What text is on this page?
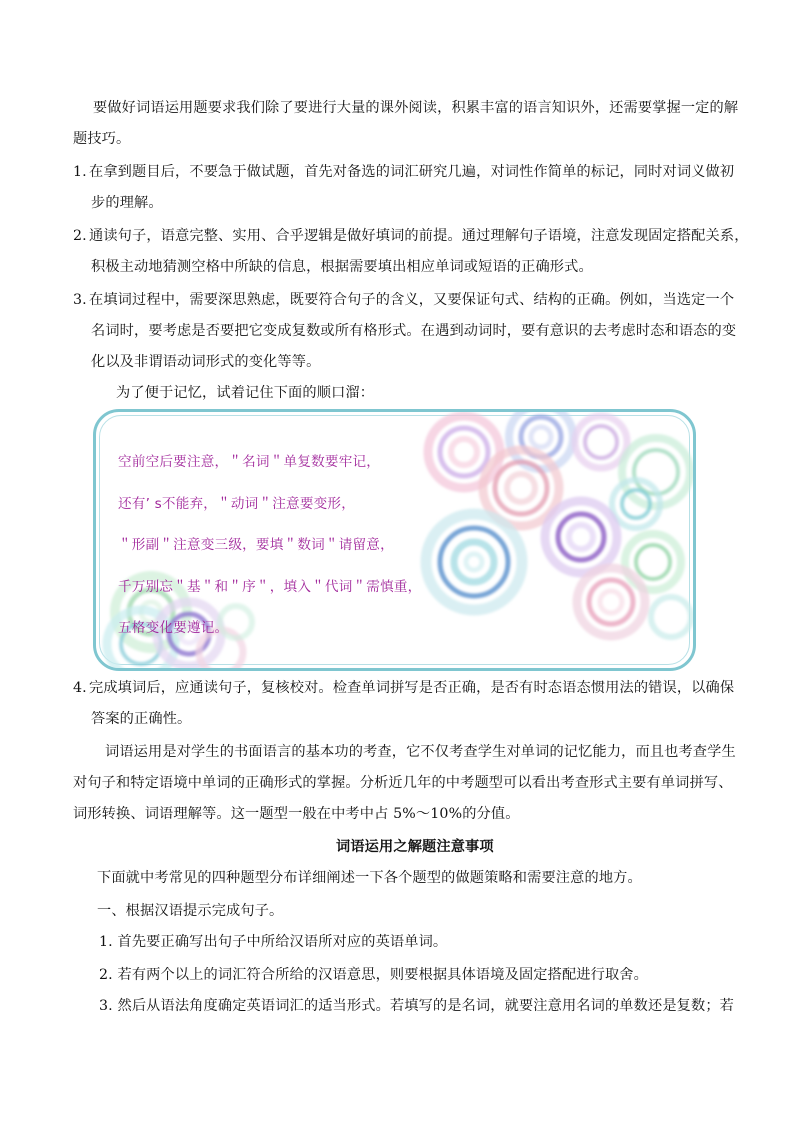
要做好词语运用题要求我们除了要进行大量的课外阅读，积累丰富的语言知识外，还需要掌握一定的解
题技巧。
1. 在拿到题目后，不要急于做试题，首先对备选的词汇研究几遍，对词性作简单的标记，同时对词义做初
步的理解。
2. 通读句子，语意完整、实用、合乎逻辑是做好填词的前提。通过理解句子语境，注意发现固定搭配关系，
积极主动地猜测空格中所缺的信息，根据需要填出相应单词或短语的正确形式。
3. 在填词过程中，需要深思熟虑，既要符合句子的含义，又要保证句式、结构的正确。例如，当选定一个
名词时，要考虑是否要把它变成复数或所有格形式。在遇到动词时，要有意识的去考虑时态和语态的变
化以及非谓语动词形式的变化等等。
为了便于记忆，试着记住下面的顺口溜：
空前空后要注意，＂名词＂单复数要牢记，
还有’ s不能弃，＂动词＂注意要变形，
＂形副＂注意变三级，要填＂数词＂请留意，
千万别忘＂基＂和＂序＂，填入＂代词＂需慎重，
五格变化要遵记。
4. 完成填词后，应通读句子，复核校对。检查单词拼写是否正确，是否有时态语态惯用法的错误，以确保
答案的正确性。
词语运用是对学生的书面语言的基本功的考查，它不仅考查学生对单词的记忆能力，而且也考查学生
对句子和特定语境中单词的正确形式的掌握。分析近几年的中考题型可以看出考查形式主要有单词拼写、
词形转换、词语理解等。这一题型一般在中考中占 5%～10%的分值。
词语运用之解题注意事项
下面就中考常见的四种题型分布详细阐述一下各个题型的做题策略和需要注意的地方。
一、根据汉语提示完成句子。
1. 首先要正确写出句子中所给汉语所对应的英语单词。
2. 若有两个以上的词汇符合所给的汉语意思，则要根据具体语境及固定搭配进行取舍。
3. 然后从语法角度确定英语词汇的适当形式。若填写的是名词，就要注意用名词的单数还是复数；若
